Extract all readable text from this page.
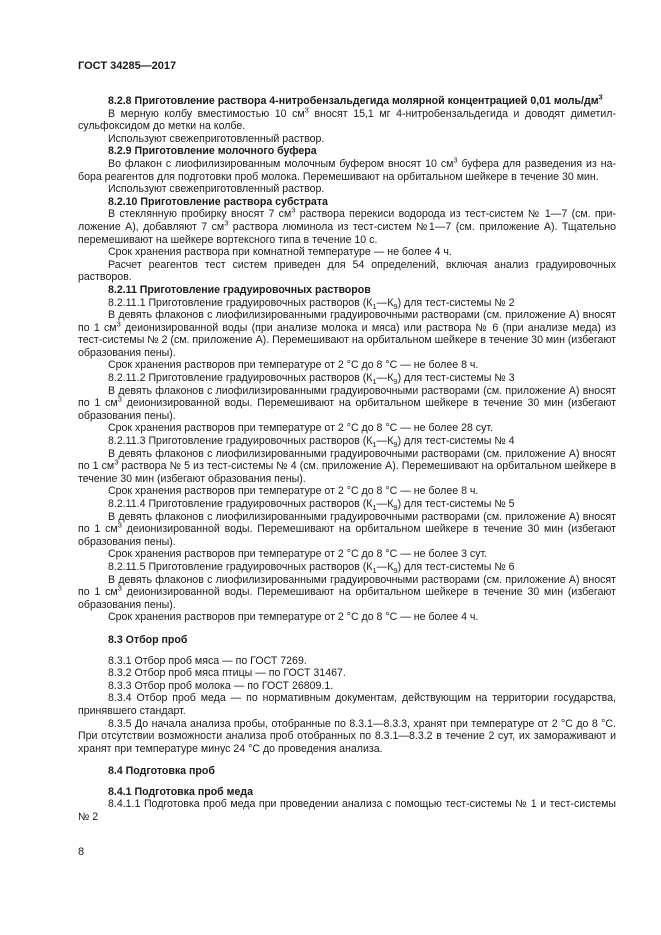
ГОСТ 34285—2017
8.2.8 Приготовление раствора 4-нитробензальдегида молярной концентрацией 0,01 моль/$дм^3$
В мерную колбу вместимостью 10 $см^3$ вносят 15,1 мг 4-нитробензальдегида и доводят диметилсульфоксидом до метки на колбе.
Используют свежеприготовленный раствор.
8.2.9 Приготовление молочного буфера
Во флакон с лиофилизированным молочным буфером вносят 10 $см^3$ буфера для разведения из набора реагентов для подготовки проб молока. Перемешивают на орбитальном шейкере в течение 30 мин.
Используют свежеприготовленный раствор.
8.2.10 Приготовление раствора субстрата
В стеклянную пробирку вносят 7 $см^3$ раствора перекиси водорода из тест-систем № 1—7 (см. приложение А), добавляют 7 $см^3$ раствора люминола из тест-систем №1—7 (см. приложение А). Тщательно перемешивают на шейкере вортексного типа в течение 10 с.
Срок хранения раствора при комнатной температуре — не более 4 ч.
Расчет реагентов тест систем приведен для 54 определений, включая анализ градуировочных растворов.
8.2.11 Приготовление градуировочных растворов
8.2.11.1 Приготовление градуировочных растворов $(К_1—К_9)$ для тест-системы № 2
В девять флаконов с лиофилизированными градуировочными растворами (см. приложение А) вносят по 1 $см^3$ деионизированной воды (при анализе молока и мяса) или раствора № 6 (при анализе меда) из тест-системы № 2 (см. приложение А). Перемешивают на орбитальном шейкере в течение 30 мин (избегают образования пены).
Срок хранения растворов при температуре от 2 °С до 8 °С — не более 8 ч.
8.2.11.2 Приготовление градуировочных растворов $(К_1—К_9)$ для тест-системы № 3
В девять флаконов с лиофилизированными градуировочными растворами (см. приложение А) вносят по 1 $см^3$ деионизированной воды. Перемешивают на орбитальном шейкере в течение 30 мин (избегают образования пены).
Срок хранения растворов при температуре от 2 °С до 8 °С — не более 28 сут.
8.2.11.3 Приготовление градуировочных растворов $(К_1—К_9)$ для тест-системы № 4
В девять флаконов с лиофилизированными градуировочными растворами (см. приложение А) вносят по 1 $см^3$ раствора № 5 из тест-системы № 4 (см. приложение А). Перемешивают на орбитальном шейкере в течение 30 мин (избегают образования пены).
Срок хранения растворов при температуре от 2 °С до 8 °С — не более 8 ч.
8.2.11.4 Приготовление градуировочных растворов $(К_1—К_9)$ для тест-системы № 5
В девять флаконов с лиофилизированными градуировочными растворами (см. приложение А) вносят по 1 $см^3$ деионизированной воды. Перемешивают на орбитальном шейкере в течение 30 мин (избегают образования пены).
Срок хранения растворов при температуре от 2 °С до 8 °С — не более 3 сут.
8.2.11.5 Приготовление градуировочных растворов $(К_1—К_9)$ для тест-системы № 6
В девять флаконов с лиофилизированными градуировочными растворами (см. приложение А) вносят по 1 $см^3$ деионизированной воды. Перемешивают на орбитальном шейкере в течение 30 мин (избегают образования пены).
Срок хранения растворов при температуре от 2 °С до 8 °С — не более 4 ч.
8.3 Отбор проб
8.3.1 Отбор проб мяса — по ГОСТ 7269.
8.3.2 Отбор проб мяса птицы — по ГОСТ 31467.
8.3.3 Отбор проб молока — по ГОСТ 26809.1.
8.3.4 Отбор проб меда — по нормативным документам, действующим на территории государства, принявшего стандарт.
8.3.5 До начала анализа пробы, отобранные по 8.3.1—8.3.3, хранят при температуре от 2 °С до 8 °С. При отсутствии возможности анализа проб отобранных по 8.3.1—8.3.2 в течение 2 сут, их замораживают и хранят при температуре минус 24 °С до проведения анализа.
8.4 Подготовка проб
8.4.1 Подготовка проб меда
8.4.1.1 Подготовка проб меда при проведении анализа с помощью тест-системы № 1 и тест-системы № 2
8
